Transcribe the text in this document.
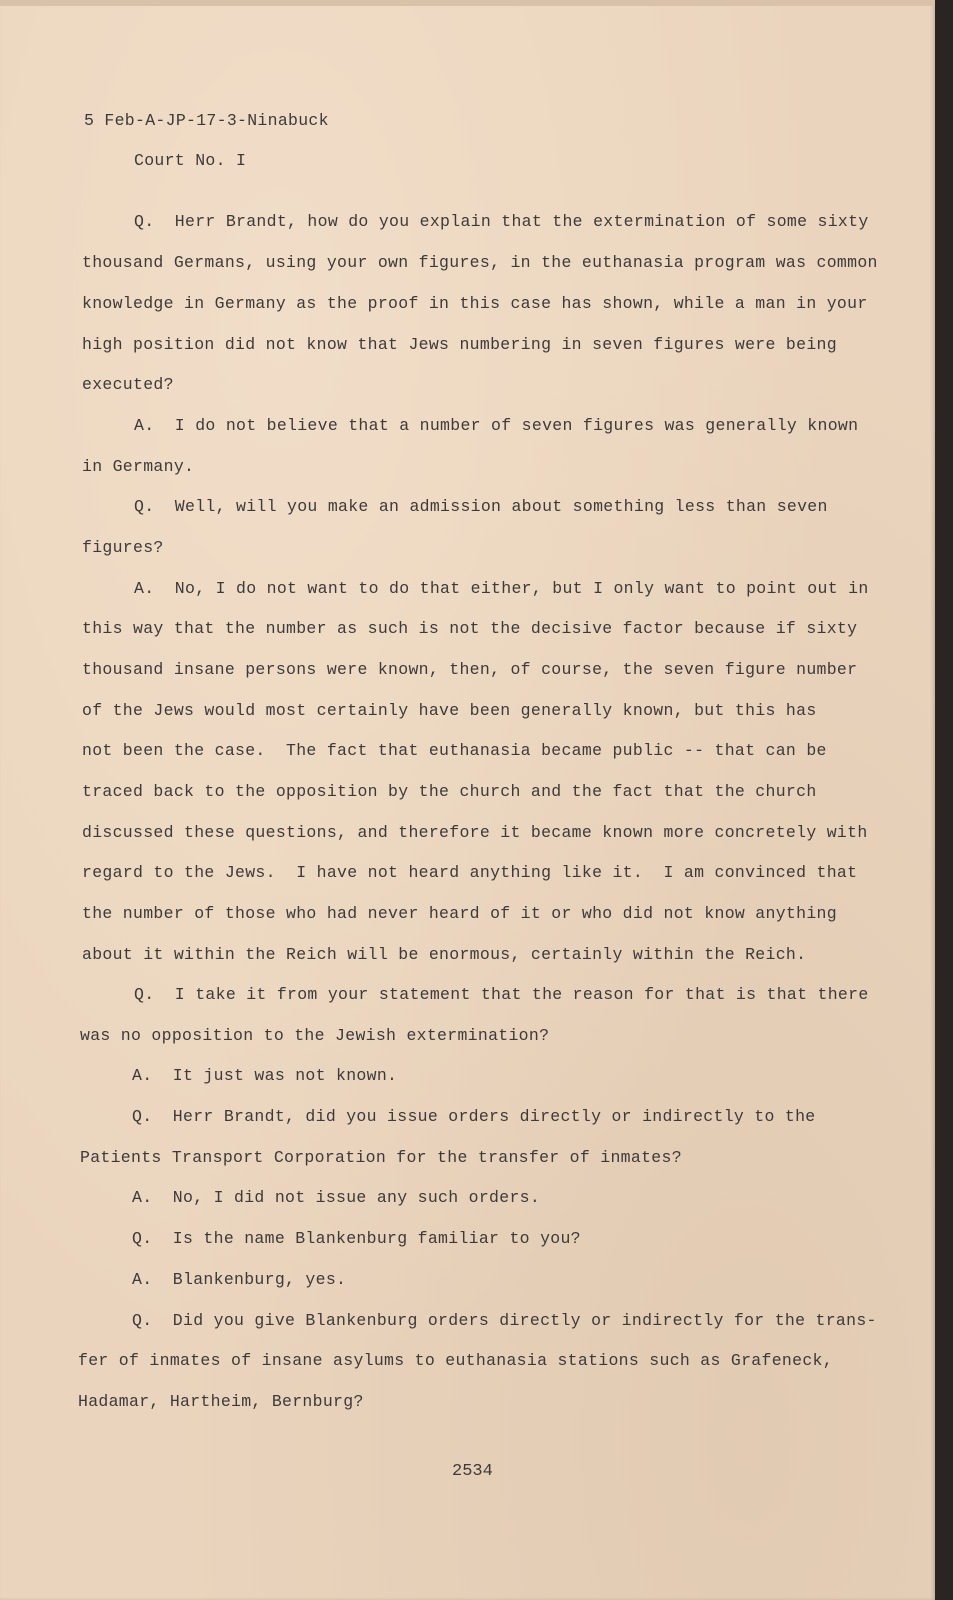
5 Feb-A-JP-17-3-Ninabuck
Court No. I
Q.  Herr Brandt, how do you explain that the extermination of some sixty
thousand Germans, using your own figures, in the euthanasia program was common
knowledge in Germany as the proof in this case has shown, while a man in your
high position did not know that Jews numbering in seven figures were being
executed?
A.  I do not believe that a number of seven figures was generally known
in Germany.
Q.  Well, will you make an admission about something less than seven
figures?
A.  No, I do not want to do that either, but I only want to point out in
this way that the number as such is not the decisive factor because if sixty
thousand insane persons were known, then, of course, the seven figure number
of the Jews would most certainly have been generally known, but this has
not been the case.  The fact that euthanasia became public -- that can be
traced back to the opposition by the church and the fact that the church
discussed these questions, and therefore it became known more concretely with
regard to the Jews.  I have not heard anything like it.  I am convinced that
the number of those who had never heard of it or who did not know anything
about it within the Reich will be enormous, certainly within the Reich.
Q.  I take it from your statement that the reason for that is that there
was no opposition to the Jewish extermination?
A.  It just was not known.
Q.  Herr Brandt, did you issue orders directly or indirectly to the
Patients Transport Corporation for the transfer of inmates?
A.  No, I did not issue any such orders.
Q.  Is the name Blankenburg familiar to you?
A.  Blankenburg, yes.
Q.  Did you give Blankenburg orders directly or indirectly for the trans-
fer of inmates of insane asylums to euthanasia stations such as Grafeneck,
Hadamar, Hartheim, Bernburg?
2534
